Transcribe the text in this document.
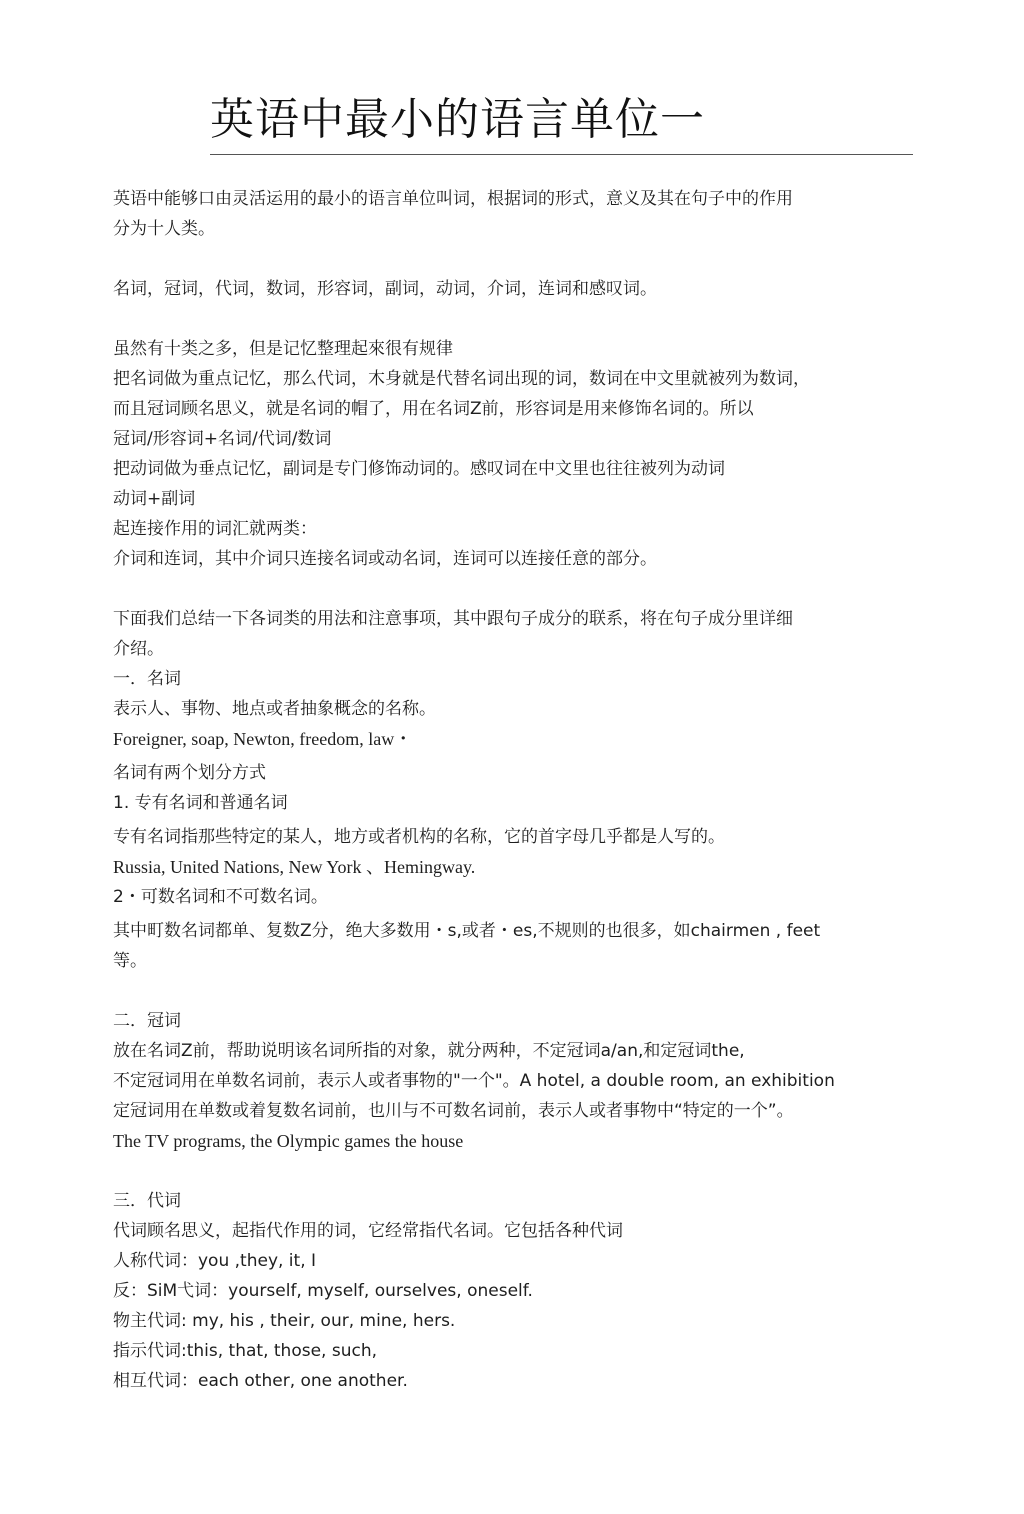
英语中最小的语言单位一
英语中能够口由灵活运用的最小的语言单位叫词，根据词的形式，意义及其在句子中的作用
分为十人类。
名词，冠词，代词，数词，形容词，副词，动词，介词，连词和感叹词。
虽然有十类之多，但是记忆整理起來很有规律
把名词做为重点记忆，那么代词，木身就是代替名词出现的词，数词在中文里就被列为数词，
而且冠词顾名思义，就是名词的帽了，用在名词Z前，形容词是用来修饰名词的。所以
冠词/形容词+名词/代词/数词
把动词做为垂点记忆，副词是专门修饰动词的。感叹词在中文里也往往被列为动词
动词+副词
起连接作用的词汇就两类：
介词和连词，其中介词只连接名词或动名词，连词可以连接任意的部分。
下面我们总结一下各词类的用法和注意事项，其中跟句子成分的联系，将在句子成分里详细
介绍。
一．名词
表示人、事物、地点或者抽象概念的名称。
Foreigner, soap, Newton, freedom, law・
名词有两个划分方式
1. 专有名词和普通名词
专有名词指那些特定的某人，地方或者机构的名称，它的首字母几乎都是人写的。
Russia, United Nations, New York 、Hemingway.
2・可数名词和不可数名词。
其中町数名词都单、复数Z分，绝大多数用・s,或者・es,不规则的也很多，如chairmen , feet
等。
二．冠词
放在名词Z前，帮助说明该名词所指的对象，就分两种，不定冠词a/an,和定冠词the,
不定冠词用在单数名词前，表示人或者事物的"一个"。A hotel, a double room, an exhibition
定冠词用在单数或着复数名词前，也川与不可数名词前，表示人或者事物中“特定的一个”。
The TV programs, the Olympic games the house
三．代词
代词顾名思义，起指代作用的词，它经常指代名词。它包括各种代词
人称代词：you ,they, it, I
反：SiM弋词：yourself, myself, ourselves, oneself.
物主代词: my, his , their, our, mine, hers.
指示代词:this, that, those, such,
相互代词：each other, one another.
